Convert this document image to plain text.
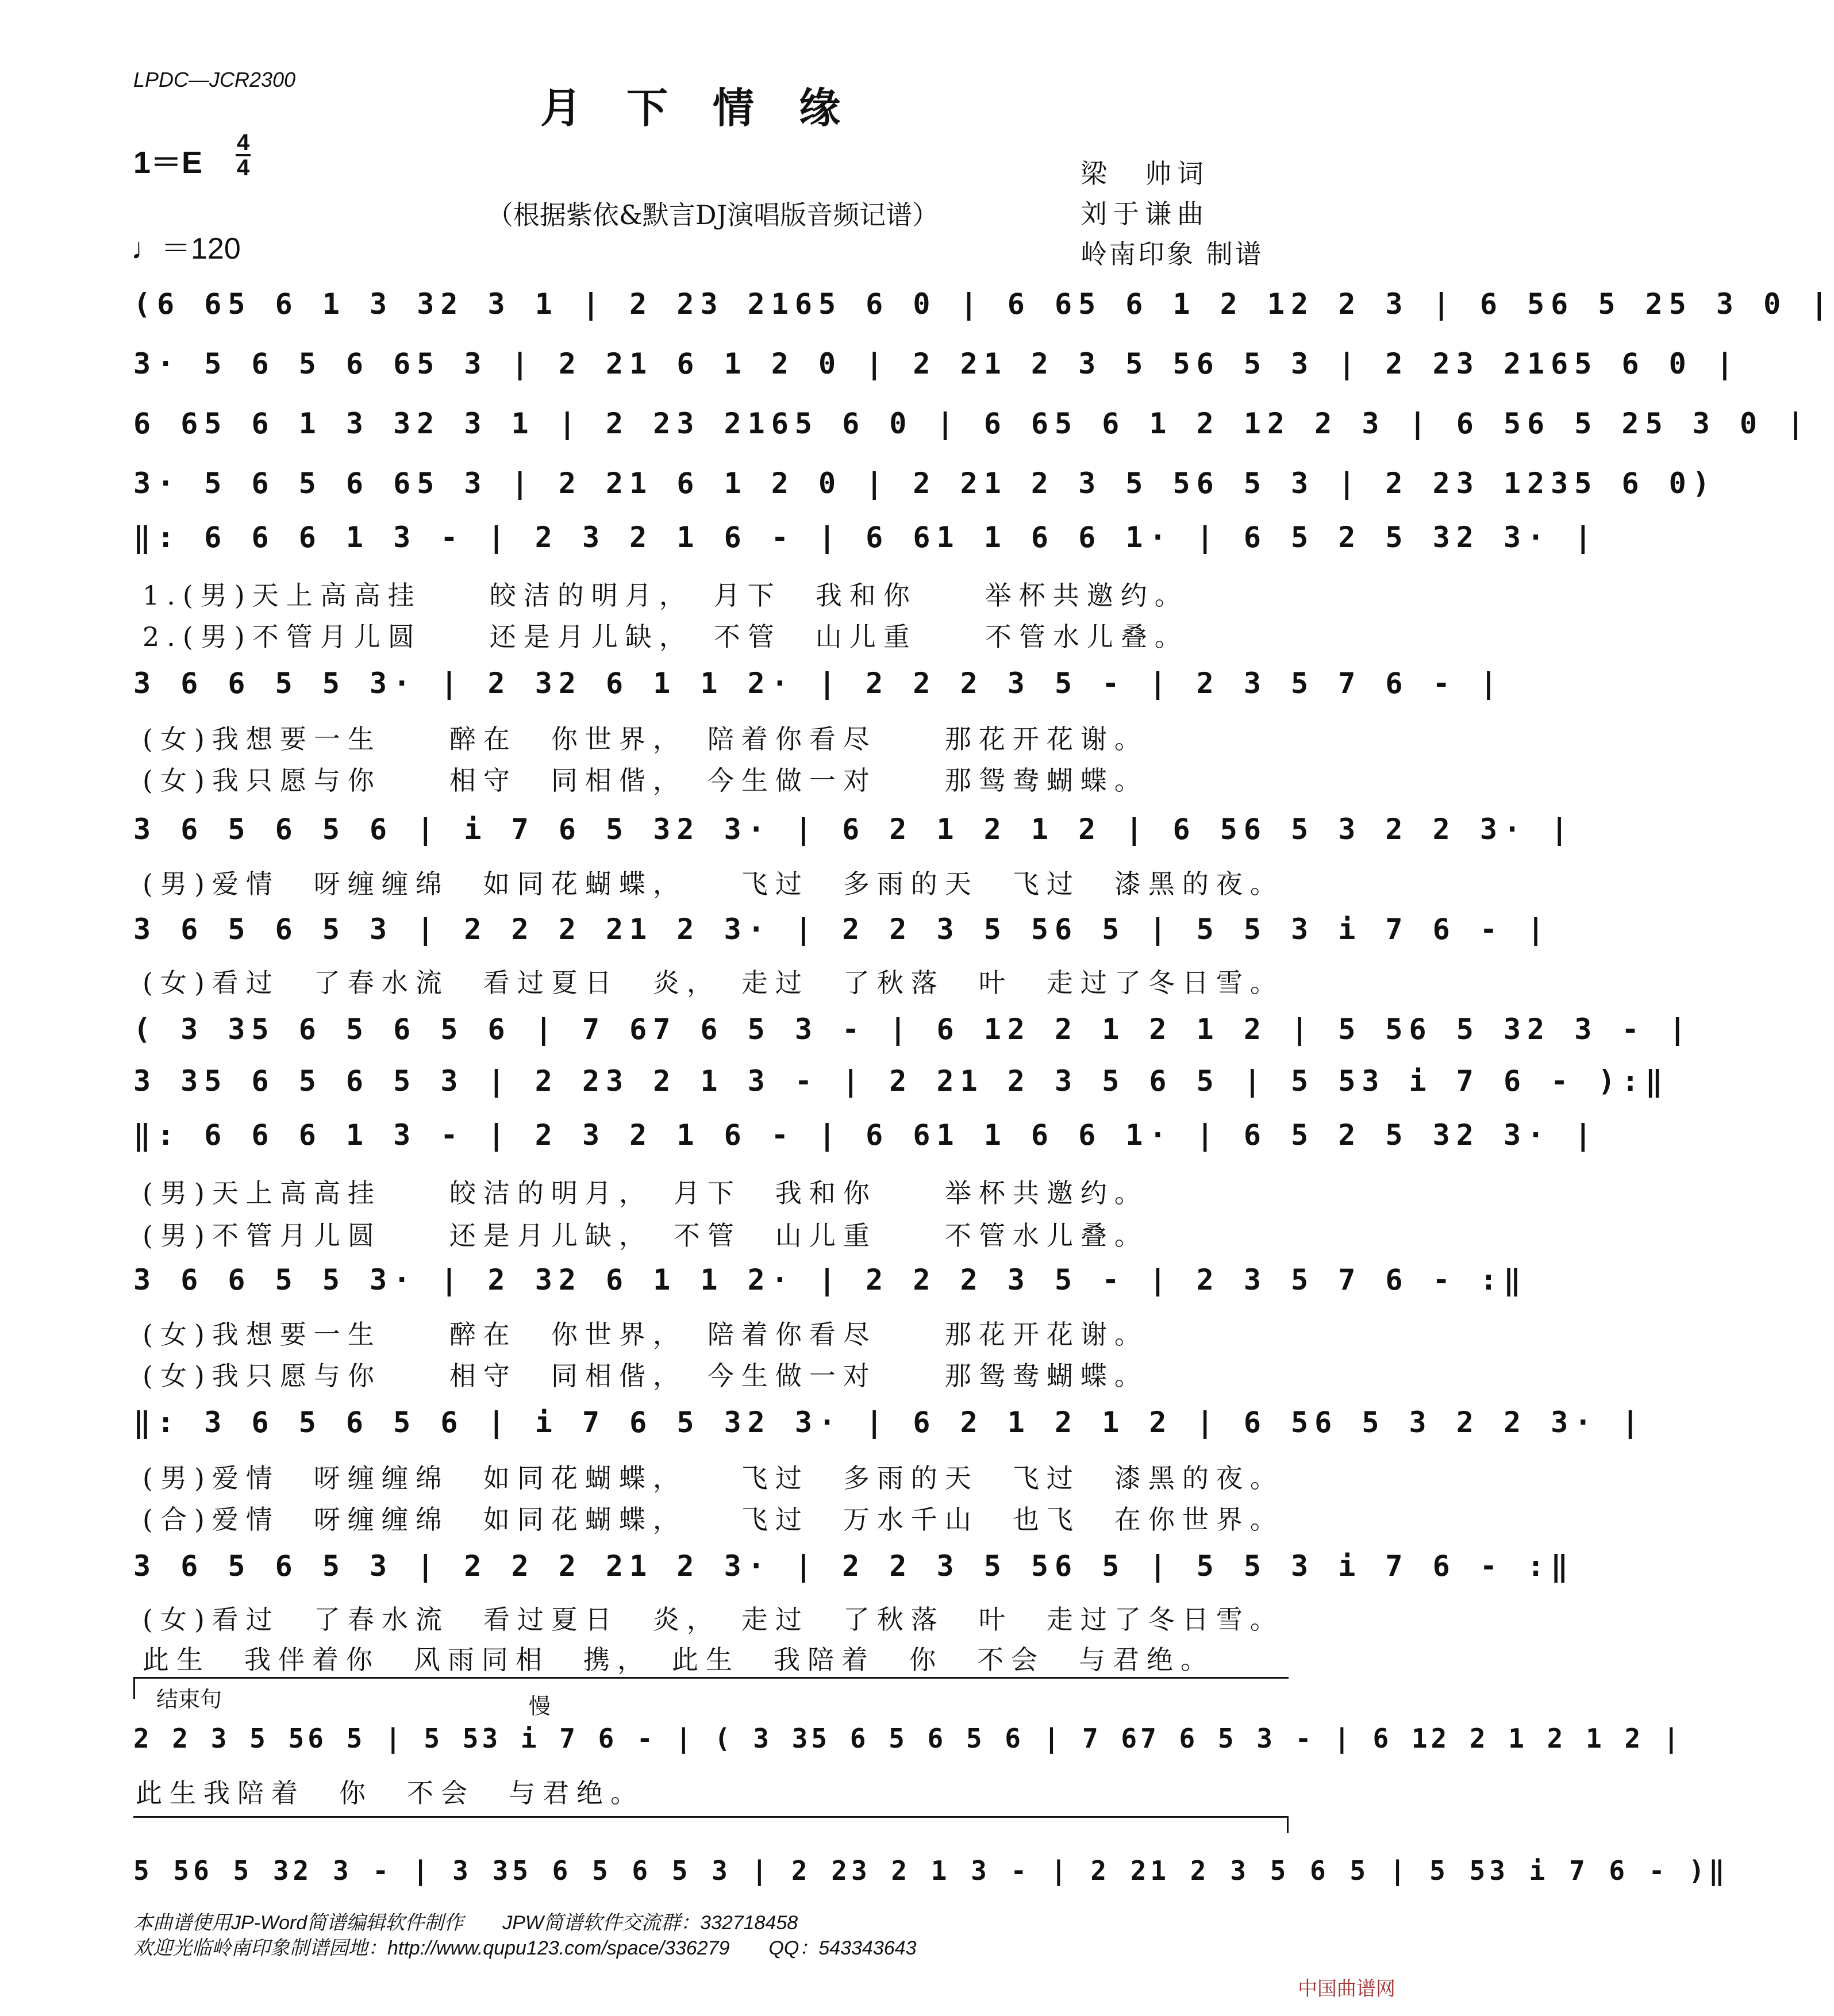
LPDC—JCR2300
月下情缘
1＝E
4
4
♩＝120
（根据紫依&默言DJ演唱版音频记谱）
梁　帅词
刘于谦曲
岭南印象 制谱
(6 65 6 1 3 32 3 1 | 2 23 2165 6 0 | 6 65 6 1 2 12 2 3 | 6 56 5 25 3 0 |
3· 5 6 5 6 65 3 | 2 21 6 1 2 0 | 2 21 2 3 5 56 5 3 | 2 23 2165 6 0 |
6 65 6 1 3 32 3 1 | 2 23 2165 6 0 | 6 65 6 1 2 12 2 3 | 6 56 5 25 3 0 |
3· 5 6 5 6 65 3 | 2 21 6 1 2 0 | 2 21 2 3 5 56 5 3 | 2 23 1235 6 0)
‖: 6 6 6 1 3 - | 2 3 2 1 6 - | 6 61 1 6 6 1· | 6 5 2 5 32 3· |
1.(男)天上高高挂　　皎洁的明月，　月下　我和你　　举杯共邀约。
2.(男)不管月儿圆　　还是月儿缺，　不管　山儿重　　不管水儿叠。
3 6 6 5 5 3· | 2 32 6 1 1 2· | 2 2 2 3 5 - | 2 3 5 7 6 - |
(女)我想要一生　　醉在　你世界，　陪着你看尽　　那花开花谢。
(女)我只愿与你　　相守　同相偕，　今生做一对　　那鸳鸯蝴蝶。
3 6 5 6 5 6 | i 7 6 5 32 3· | 6 2 1 2 1 2 | 6 56 5 3 2 2 3· |
(男)爱情　呀缠缠绵　如同花蝴蝶，　　飞过　多雨的天　飞过　漆黑的夜。
3 6 5 6 5 3 | 2 2 2 21 2 3· | 2 2 3 5 56 5 | 5 5 3 i 7 6 - |
(女)看过　了春水流　看过夏日　炎，　走过　了秋落　叶　走过了冬日雪。
( 3 35 6 5 6 5 6 | 7 67 6 5 3 - | 6 12 2 1 2 1 2 | 5 56 5 32 3 - |
3 35 6 5 6 5 3 | 2 23 2 1 3 - | 2 21 2 3 5 6 5 | 5 53 i 7 6 - ):‖
‖: 6 6 6 1 3 - | 2 3 2 1 6 - | 6 61 1 6 6 1· | 6 5 2 5 32 3· |
(男)天上高高挂　　皎洁的明月，　月下　我和你　　举杯共邀约。
(男)不管月儿圆　　还是月儿缺，　不管　山儿重　　不管水儿叠。
3 6 6 5 5 3· | 2 32 6 1 1 2· | 2 2 2 3 5 - | 2 3 5 7 6 - :‖
(女)我想要一生　　醉在　你世界，　陪着你看尽　　那花开花谢。
(女)我只愿与你　　相守　同相偕，　今生做一对　　那鸳鸯蝴蝶。
‖: 3 6 5 6 5 6 | i 7 6 5 32 3· | 6 2 1 2 1 2 | 6 56 5 3 2 2 3· |
(男)爱情　呀缠缠绵　如同花蝴蝶，　　飞过　多雨的天　飞过　漆黑的夜。
(合)爱情　呀缠缠绵　如同花蝴蝶，　　飞过　万水千山　也飞　在你世界。
3 6 5 6 5 3 | 2 2 2 21 2 3· | 2 2 3 5 56 5 | 5 5 3 i 7 6 - :‖
(女)看过　了春水流　看过夏日　炎，　走过　了秋落　叶　走过了冬日雪。
此生　我伴着你　风雨同相　携，　此生　我陪着　你　不会　与君绝。
结束句	慢
2 2 3 5 56 5 | 5 53 i 7 6 - | ( 3 35 6 5 6 5 6 | 7 67 6 5 3 - | 6 12 2 1 2 1 2 |
此生我陪着　你　不会　与君绝。
5 56 5 32 3 - | 3 35 6 5 6 5 3 | 2 23 2 1 3 - | 2 21 2 3 5 6 5 | 5 53 i 7 6 - )‖
本曲谱使用JP-Word简谱编辑软件制作　　JPW简谱软件交流群：332718458
欢迎光临岭南印象制谱园地：http://www.qupu123.com/space/336279　　QQ：543343643
中国曲谱网
